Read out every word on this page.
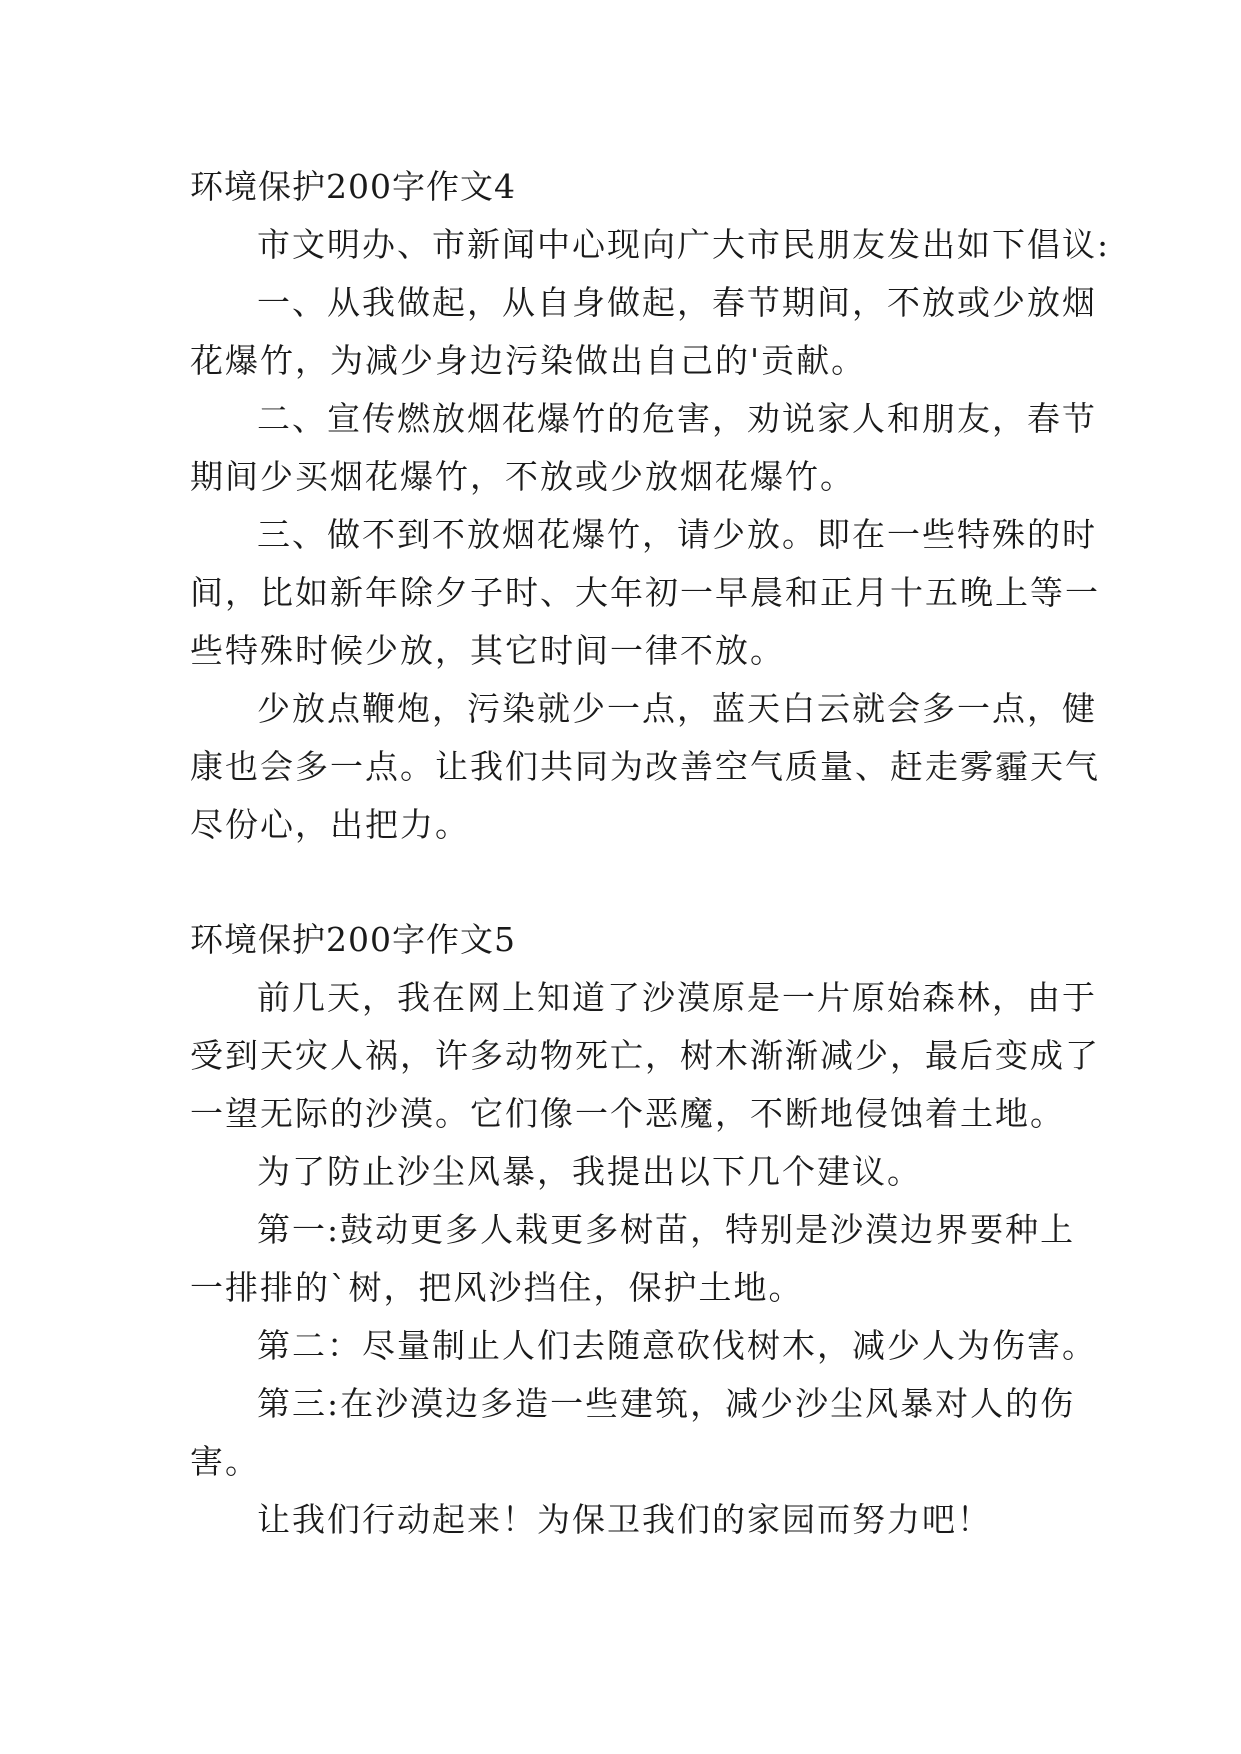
环境保护200字作文4
市文明办、市新闻中心现向广大市民朋友发出如下倡议:
一、从我做起，从自身做起，春节期间，不放或少放烟
花爆竹，为减少身边污染做出自己的'贡献。
二、宣传燃放烟花爆竹的危害，劝说家人和朋友，春节
期间少买烟花爆竹，不放或少放烟花爆竹。
三、做不到不放烟花爆竹，请少放。即在一些特殊的时
间，比如新年除夕子时、大年初一早晨和正月十五晚上等一
些特殊时候少放，其它时间一律不放。
少放点鞭炮，污染就少一点，蓝天白云就会多一点，健
康也会多一点。让我们共同为改善空气质量、赶走雾霾天气
尽份心，出把力。
环境保护200字作文5
前几天，我在网上知道了沙漠原是一片原始森林，由于
受到天灾人祸，许多动物死亡，树木渐渐减少，最后变成了
一望无际的沙漠。它们像一个恶魔，不断地侵蚀着土地。
为了防止沙尘风暴，我提出以下几个建议。
第一:鼓动更多人栽更多树苗，特别是沙漠边界要种上
一排排的`树，把风沙挡住，保护土地。
第二：尽量制止人们去随意砍伐树木，减少人为伤害。
第三:在沙漠边多造一些建筑，减少沙尘风暴对人的伤
害。
让我们行动起来！为保卫我们的家园而努力吧！
